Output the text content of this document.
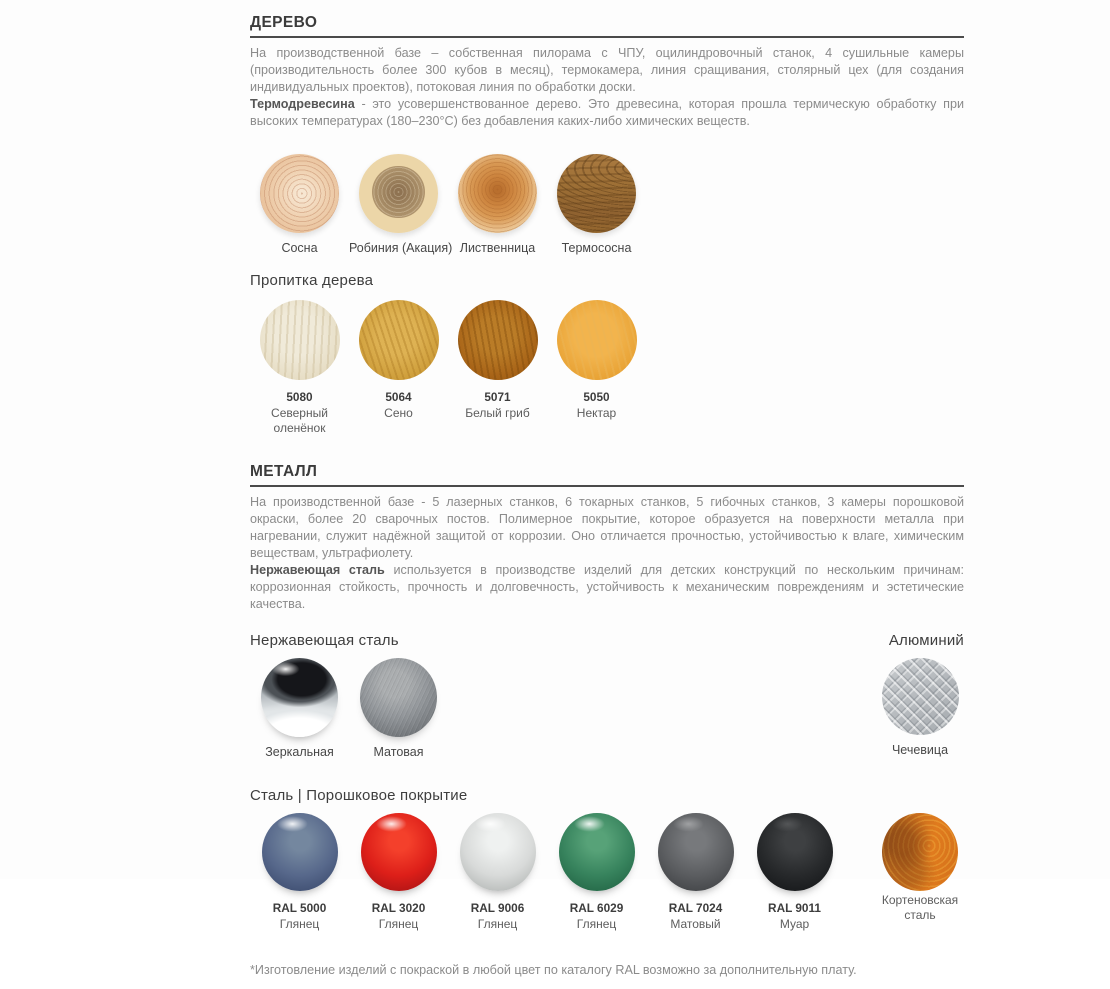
ДЕРЕВО

На производственной базе – собственная пилорама с ЧПУ, оцилиндровочный станок, 4 сушильные камеры (производительность более 300 кубов в месяц), термокамера, линия сращивания, столярный цех (для создания индивидуальных проектов), потоковая линия по обработки доски.

Термодревесина - это усовершенствованное дерево. Это древесина, которая прошла термическую обработку при высоких температурах (180–230°C) без добавления каких-либо химических веществ.

Сосна	Робиния (Акация) Лиственница	Термососна
Пропитка дерева
5080
Северный оленёнок
5064
Сено
5071
Белый гриб
5050
Нектар
МЕТАЛЛ

На производственной базе - 5 лазерных станков, 6 токарных станков, 5 гибочных станков, 3 камеры порошковой окраски, более 20 сварочных постов. Полимерное покрытие, которое образуется на поверхности металла при нагревании, служит надёжной защитой от коррозии. Оно отличается прочностью, устойчивостью к влаге, химическим веществам, ультрафиолету.

Нержавеющая сталь используется в производстве изделий для детских конструкций по нескольким причинам: коррозионная стойкость, прочность и долговечность, устойчивость к механическим повреждениям и эстетические качества.

Нержавеющая сталь	Алюминий
Зеркальная	Матовая	Чечевица
Сталь | Порошковое покрытие
RAL 5000
Глянец
RAL 3020
Глянец
RAL 9006
Глянец
RAL 6029
Глянец
RAL 7024
Матовый
RAL 9011
Муар
Кортеновская сталь

*Изготовление изделий с покраской в любой цвет по каталогу RAL возможно за дополнительную плату.
